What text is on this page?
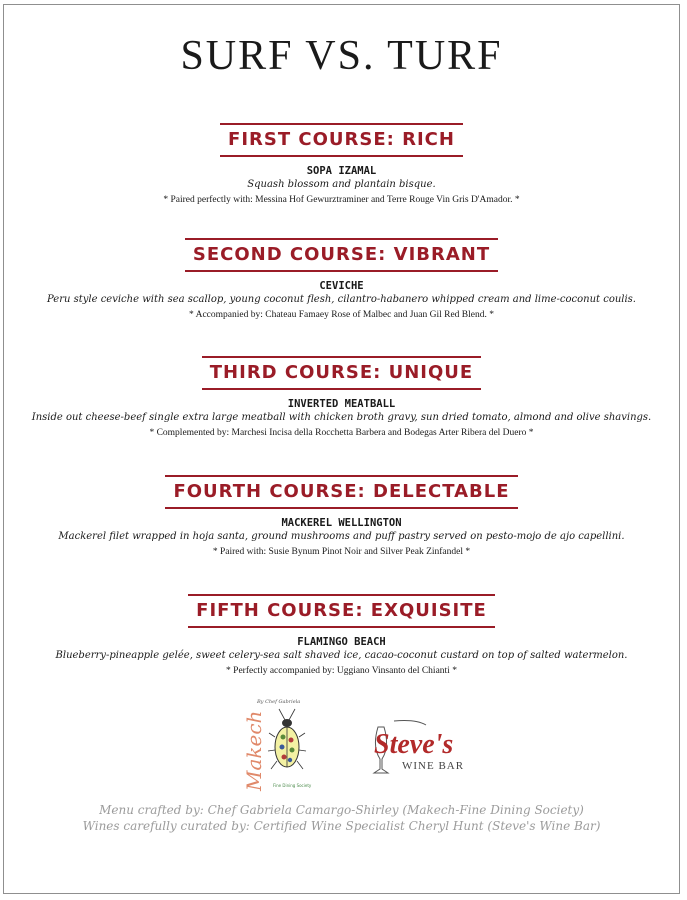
SURF VS. TURF
FIRST COURSE: RICH
SOPA IZAMAL
Squash blossom and plantain bisque.
* Paired perfectly with: Messina Hof Gewurztraminer and Terre Rouge Vin Gris D'Amador. *
SECOND COURSE: VIBRANT
CEVICHE
Peru style ceviche with sea scallop, young coconut flesh, cilantro-habanero whipped cream and lime-coconut coulis.
* Accompanied by: Chateau Famaey Rose of Malbec and Juan Gil Red Blend. *
THIRD COURSE: UNIQUE
INVERTED MEATBALL
Inside out cheese-beef single extra large meatball with chicken broth gravy, sun dried tomato, almond and olive shavings.
* Complemented by: Marchesi Incisa della Rocchetta Barbera and Bodegas Arter Ribera del Duero *
FOURTH COURSE: DELECTABLE
MACKEREL WELLINGTON
Mackerel filet wrapped in hoja santa, ground mushrooms and puff pastry served on pesto-mojo de ajo capellini.
* Paired with: Susie Bynum Pinot Noir and Silver Peak Zinfandel *
FIFTH COURSE: EXQUISITE
FLAMINGO BEACH
Blueberry-pineapple gelée, sweet celery-sea salt shaved ice, cacao-coconut custard on top of salted watermelon.
* Perfectly accompanied by: Uggiano Vinsanto del Chianti *
By Chef Gabriela
Makech Fine Dining Society
Steve's
WINE BAR
Menu crafted by: Chef Gabriela Camargo-Shirley (Makech-Fine Dining Society)
Wines carefully curated by: Certified Wine Specialist Cheryl Hunt (Steve's Wine Bar)
